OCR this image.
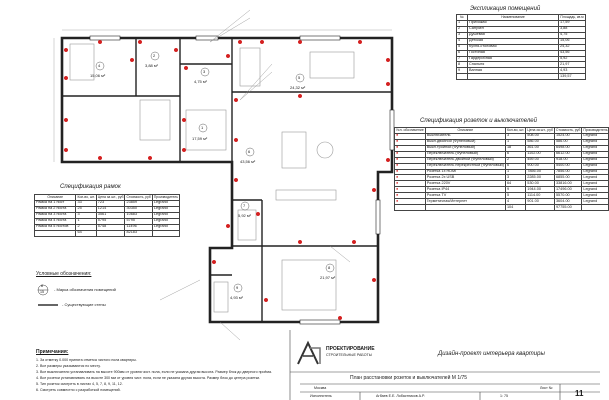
1
17,59 м²
2
3,88 м²
3
4,75 м²
4
15,06 м²	5
24,32 м²
6
43,56 м²
7
5,92 м²
8
21,97 м²
9
4,93 м²
Экспликация помещений
№	Наименование	Площадь, кв.м
1	Прихожая	17,59
2	Санузел	3,88
3	Душевая	4,75
4	Детская	15,06
5	Кухня-столовая	24,32
6	Гостиная	43,56
7	Гардеробная	5,92
8	Спальня	21,97
9	Ванная	4,93
		139,57
Спецификация розеток и выключателей
Усл. обозначение	Описание	Кол-во, шт.	Цена за шт., руб	Стоимость, руб	Производитель
●	Выключатель	3	508.00	1524.00	Legrand
●	Выкл.двойной (Фунеловый)	1	586.00	586.00	Legrand
●	Выкл.тройной (Фунеловый)	18	361.00	6498.00	Legrand
●	Переключатель (Фунеловый)	6	1102.00	6612.00	Legrand
●	Переключатель двойной (Фунеловый)	2	459.00	918.00	Legrand
●	Переключатель перекрестный (Фунеловый)	6	900.00	5400.00	Legrand
●	Розетка 1х HDMI	1	7856.00	7856.00	Legrand
●	Розетка 2х USB	3	2285.00	6855.00	Legrand
●	Розетка 220V	64	530.00	33816.00	Legrand
●	Розетка IP44	9	1944.00	17496.00	Legrand
●	Розетка TV	5	1114.00	5570.00	Legrand
●	Герметичная/Интернет	4	901.00	3604.00	Legrand
		104		97755.00	
Спецификация рамок
Описание	Кол-во, шт.	Цена за шт., руб	Стоимость, руб	Производитель
Рамка на 1 пост	33	723	23859	Legrand
Рамка на 2 поста	25	1214	30350	Legrand
Рамка на 3 поста	3	3561	10683	Legrand
Рамка на 4 поста	1	5795	5795	Legrand
Рамка на 5 постов	2	5748	11496	Legrand
	64		82183	
Условные обозначения:
8
15	- Марка обозначения помещений
- Существующие стены
Примечания:
1. За отметку 0.000 принята отметка чистого пола квартиры.
2. Все размеры указываются по месту.
3. Все выключатели устанавливать на высоте 900мм от уровня чист. пола, если не указана другая высота. Размер блок до дверного проёма.
4. Все розетки устанавливать на высоте 300 мм от уровня чист. пола, если не указана другая высота. Размер блок до центра розетки.
5. Тип розеток смотреть в листах 4, 5, 7, 8, 9, 11, 12.
6. Смотреть совместно с разработкой помещений.
ПРОЕКТИРОВАНИЕ
СТРОИТЕЛЬНЫЕ РАБОТЫ	Дизайн-проект интерьера квартиры
План расстановки розеток и выключателей М 1/75
Исполнитель	Агбаев Е.Е. Лобастников А.Р.
Москва
1: 75
Лист №
11
